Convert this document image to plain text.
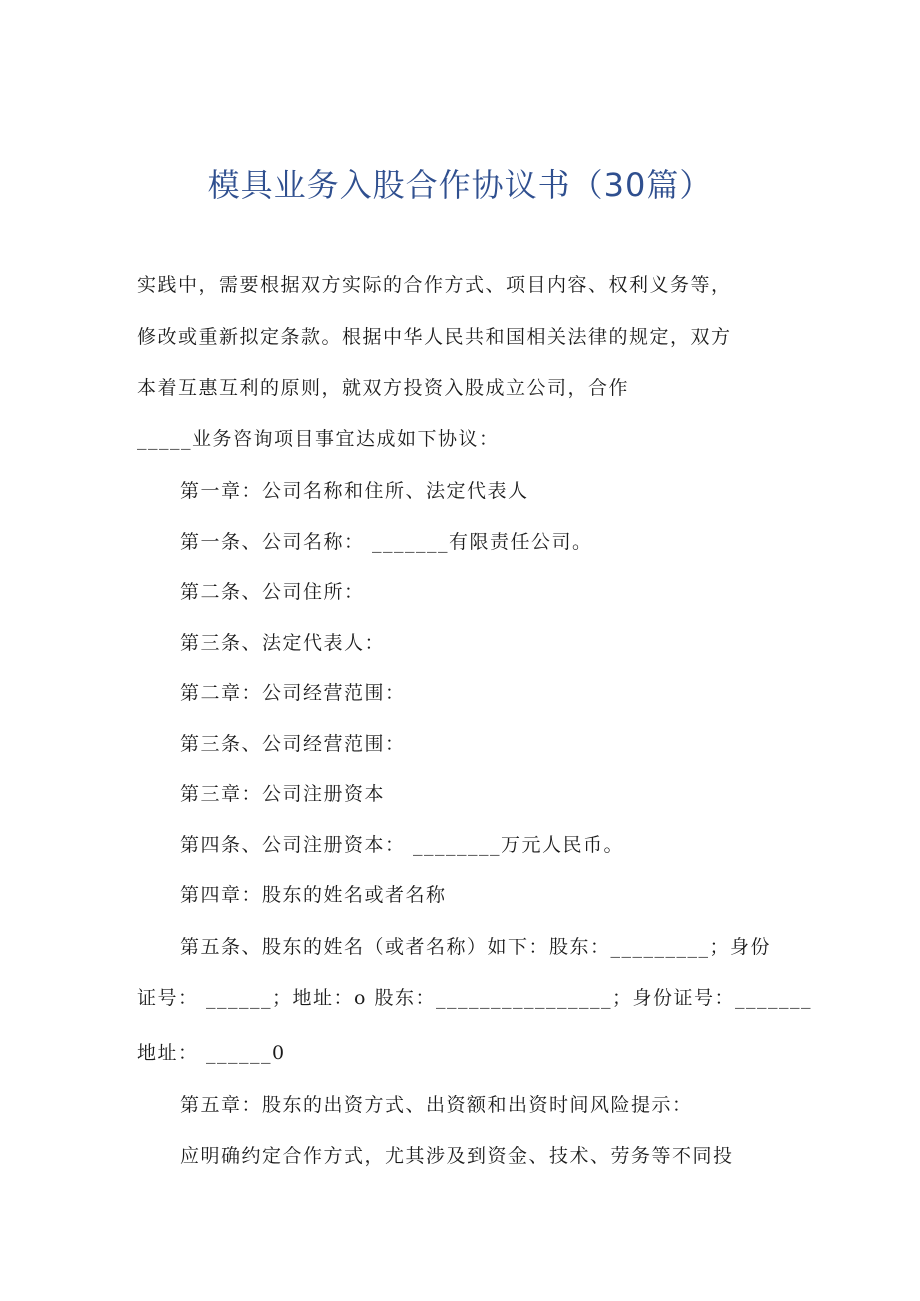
模具业务入股合作协议书（30篇）
实践中，需要根据双方实际的合作方式、项目内容、权利义务等，
修改或重新拟定条款。根据中华人民共和国相关法律的规定，双方
本着互惠互利的原则，就双方投资入股成立公司，合作
_____业务咨询项目事宜达成如下协议：
第一章：公司名称和住所、法定代表人
第一条、公司名称： _______有限责任公司。
第二条、公司住所：
第三条、法定代表人：
第二章：公司经营范围：
第三条、公司经营范围：
第三章：公司注册资本
第四条、公司注册资本： ________万元人民币。
第四章：股东的姓名或者名称
第五条、股东的姓名（或者名称）如下：股东：_________；身份
证号： ______；地址：o 股东：________________；身份证号：_______
地址： ______0
第五章：股东的出资方式、出资额和出资时间风险提示：
应明确约定合作方式，尤其涉及到资金、技术、劳务等不同投
